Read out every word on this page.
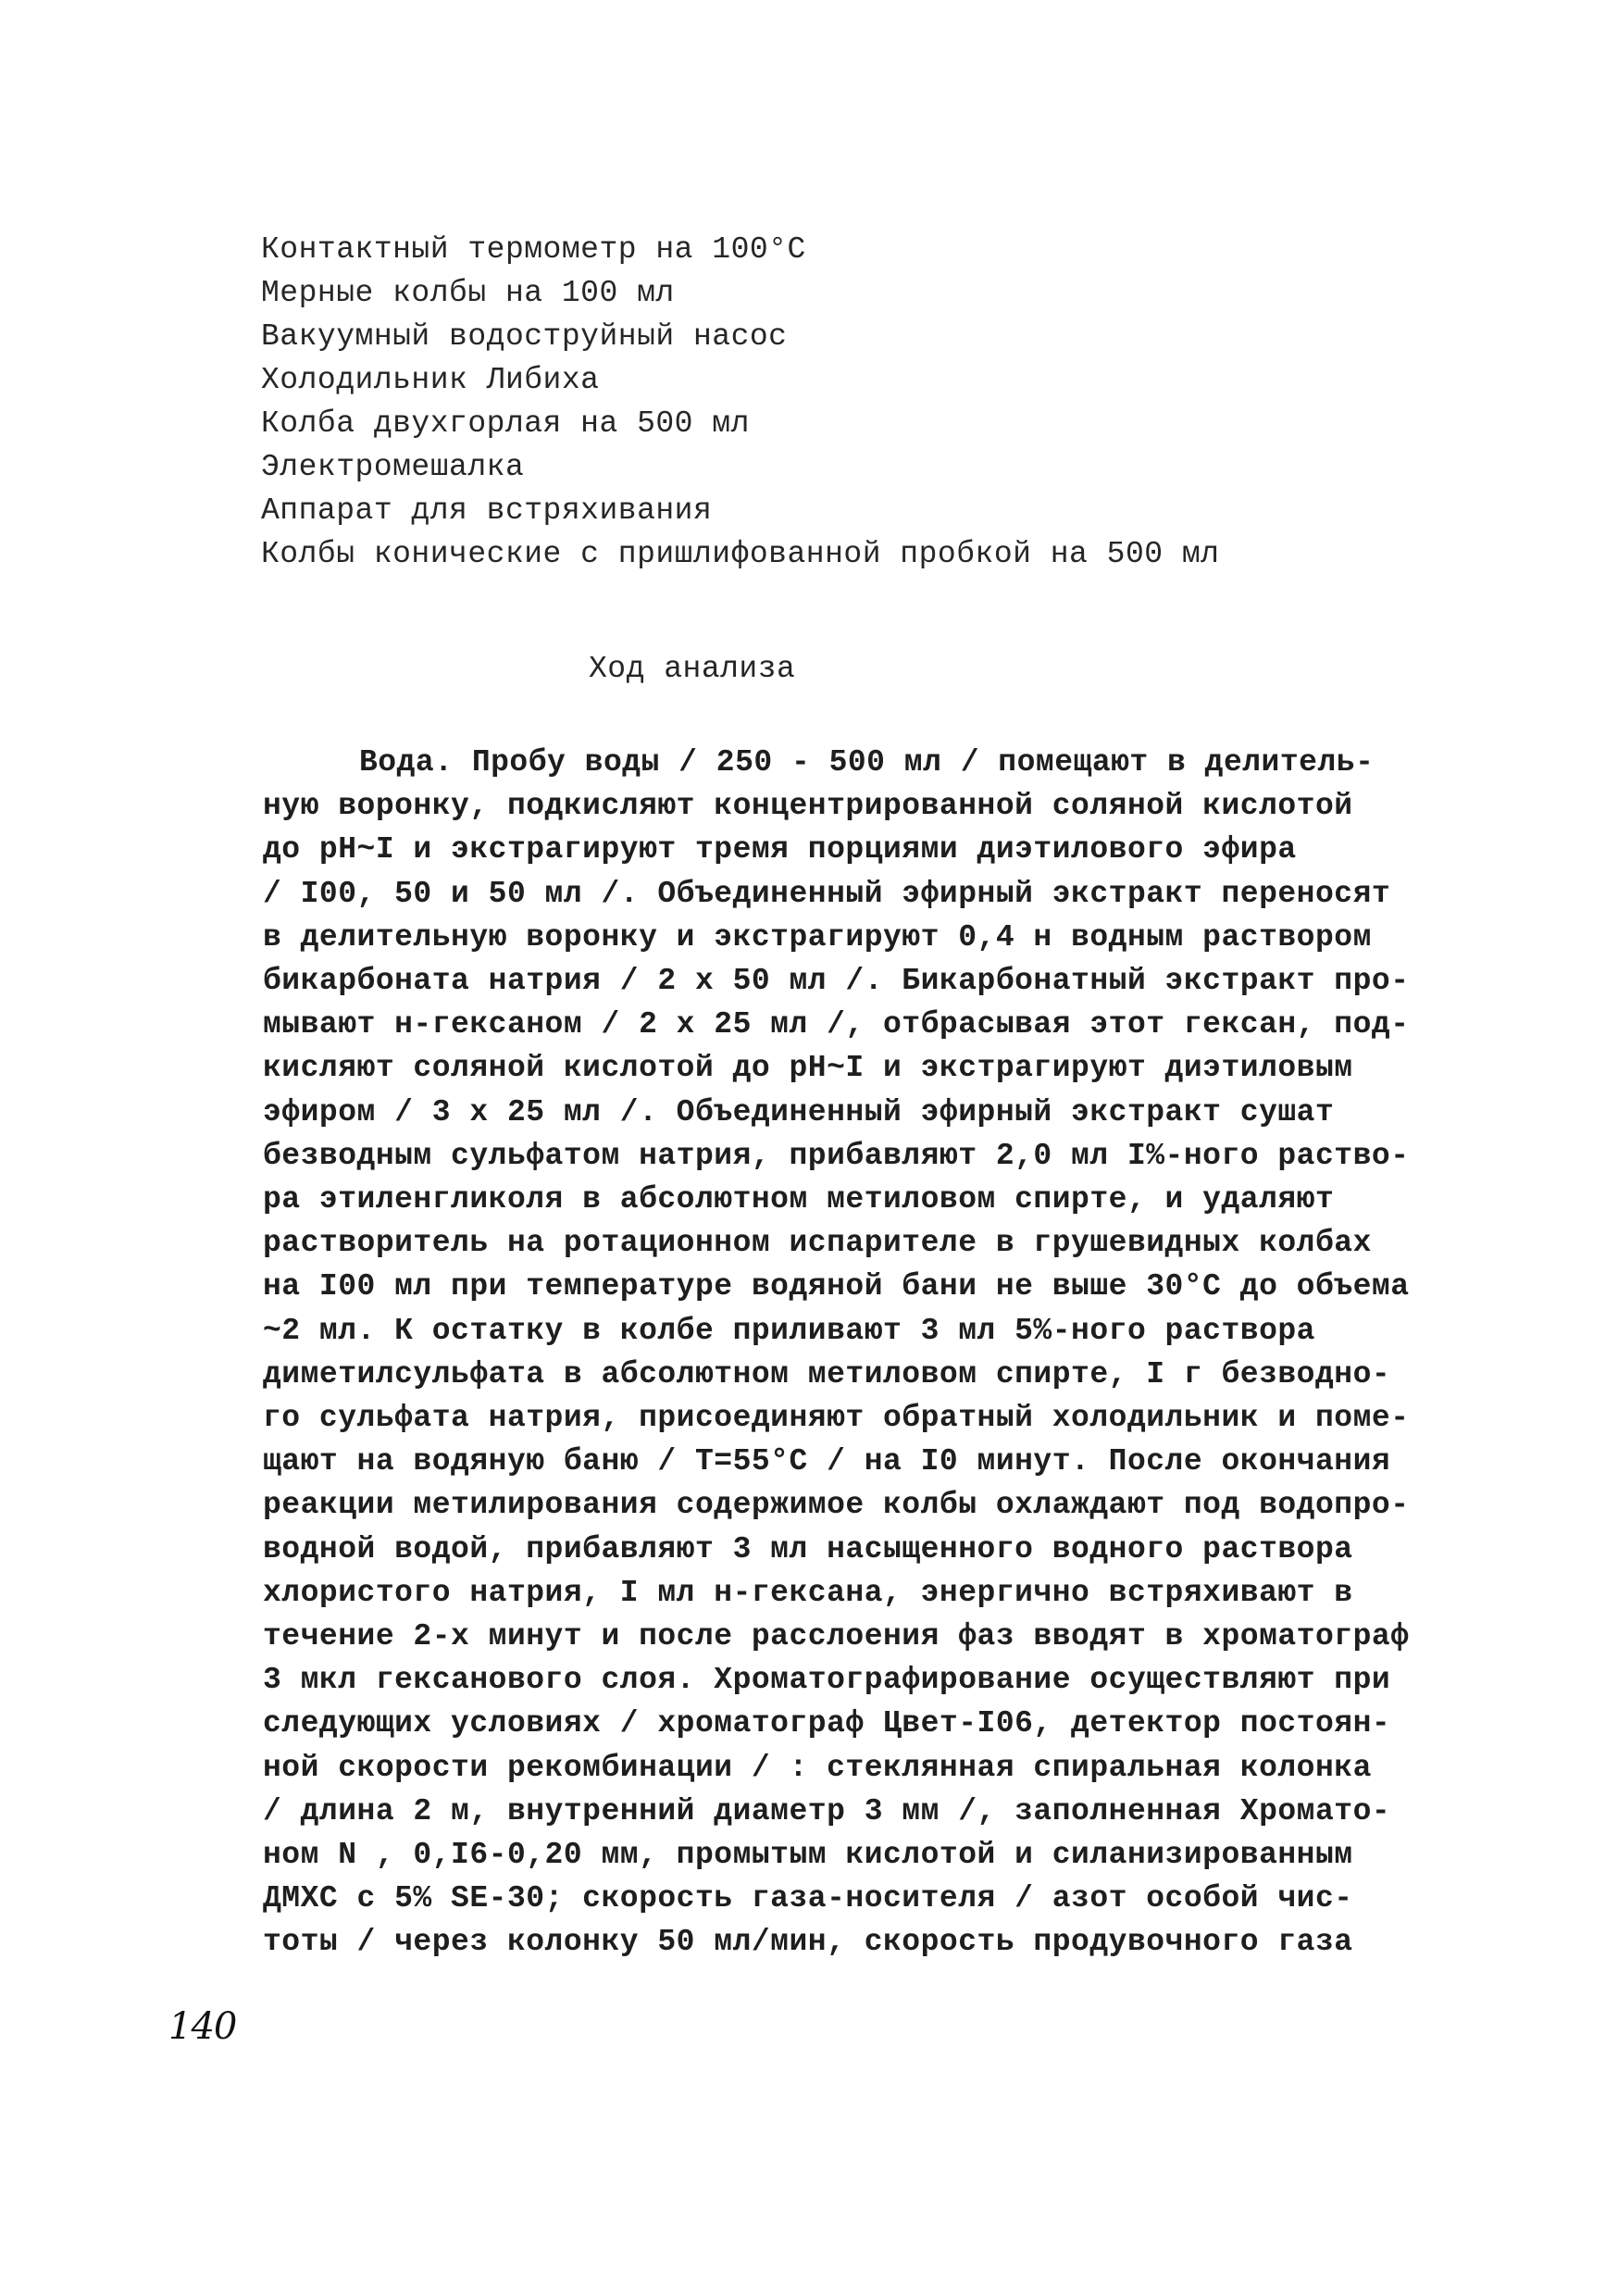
Контактный термометр на 100°C
Мерные колбы на 100 мл
Вакуумный водоструйный насос
Холодильник Либиха
Колба двухгорлая на 500 мл
Электромешалка
Аппарат для встряхивания
Колбы конические с пришлифованной пробкой на 500 мл
Ход анализа
Вода. Пробу воды / 250 - 500 мл / помещают в делитель-
ную воронку, подкисляют концентрированной соляной кислотой
до pH~I и экстрагируют тремя порциями диэтилового эфира
/ I00, 50 и 50 мл /. Объединенный эфирный экстракт переносят
в делительную воронку и экстрагируют 0,4 н водным раствором
бикарбоната натрия / 2 х 50 мл /. Бикарбонатный экстракт про-
мывают н-гексаном / 2 х 25 мл /, отбрасывая этот гексан, под-
кисляют соляной кислотой до pH~I и экстрагируют диэтиловым
эфиром / 3 х 25 мл /. Объединенный эфирный экстракт сушат
безводным сульфатом натрия, прибавляют 2,0 мл I%-ного раство-
ра этиленгликоля в абсолютном метиловом спирте, и удаляют
растворитель на ротационном испарителе в грушевидных колбах
на I00 мл при температуре водяной бани не выше 30°C до объема
~2 мл. К остатку в колбе приливают 3 мл 5%-ного раствора
диметилсульфата в абсолютном метиловом спирте, I г безводно-
го сульфата натрия, присоединяют обратный холодильник и поме-
щают на водяную баню / T=55°C / на I0 минут. После окончания
реакции метилирования содержимое колбы охлаждают под водопро-
водной водой, прибавляют 3 мл насыщенного водного раствора
хлористого натрия, I мл н-гексана, энергично встряхивают в
течение 2-х минут и после расслоения фаз вводят в хроматограф
3 мкл гексанового слоя. Хроматографирование осуществляют при
следующих условиях / хроматограф Цвет-I06, детектор постоян-
ной скорости рекомбинации / : стеклянная спиральная колонка
/ длина 2 м, внутренний диаметр 3 мм /, заполненная Хромато-
ном N , 0,I6-0,20 мм, промытым кислотой и силанизированным
ДМХС с 5% SE-30; скорость газа-носителя / азот особой чис-
тоты / через колонку 50 мл/мин, скорость продувочного газа
140
